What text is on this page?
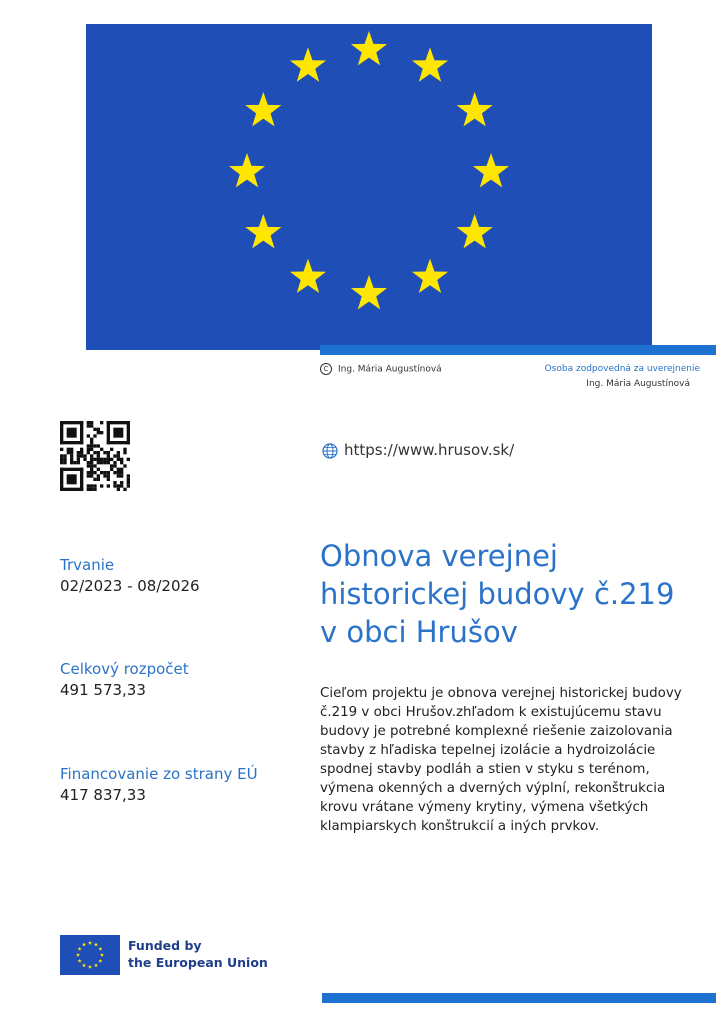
C Ing. Mária Augustínová	Osoba zodpovedná za uverejnenie
Ing. Mária Augustínová
https://www.hrusov.sk/
Obnova verejnej historickej budovy č.219 v obci Hrušov
Cieľom projektu je obnova verejnej historickej budovy č.219 v obci Hrušov.zhľadom k existujúcemu stavu budovy je potrebné komplexné riešenie zaizolovania stavby z hľadiska tepelnej izolácie a hydroizolácie spodnej stavby podláh a stien v styku s terénom, výmena okenných a dverných výplní, rekonštrukcia krovu vrátane výmeny krytiny, výmena všetkých klampiarskych konštrukcií a iných prvkov.
Trvanie
02/2023 - 08/2026
Celkový rozpočet
491 573,33
Financovanie zo strany EÚ
417 837,33
Funded by
the European Union
